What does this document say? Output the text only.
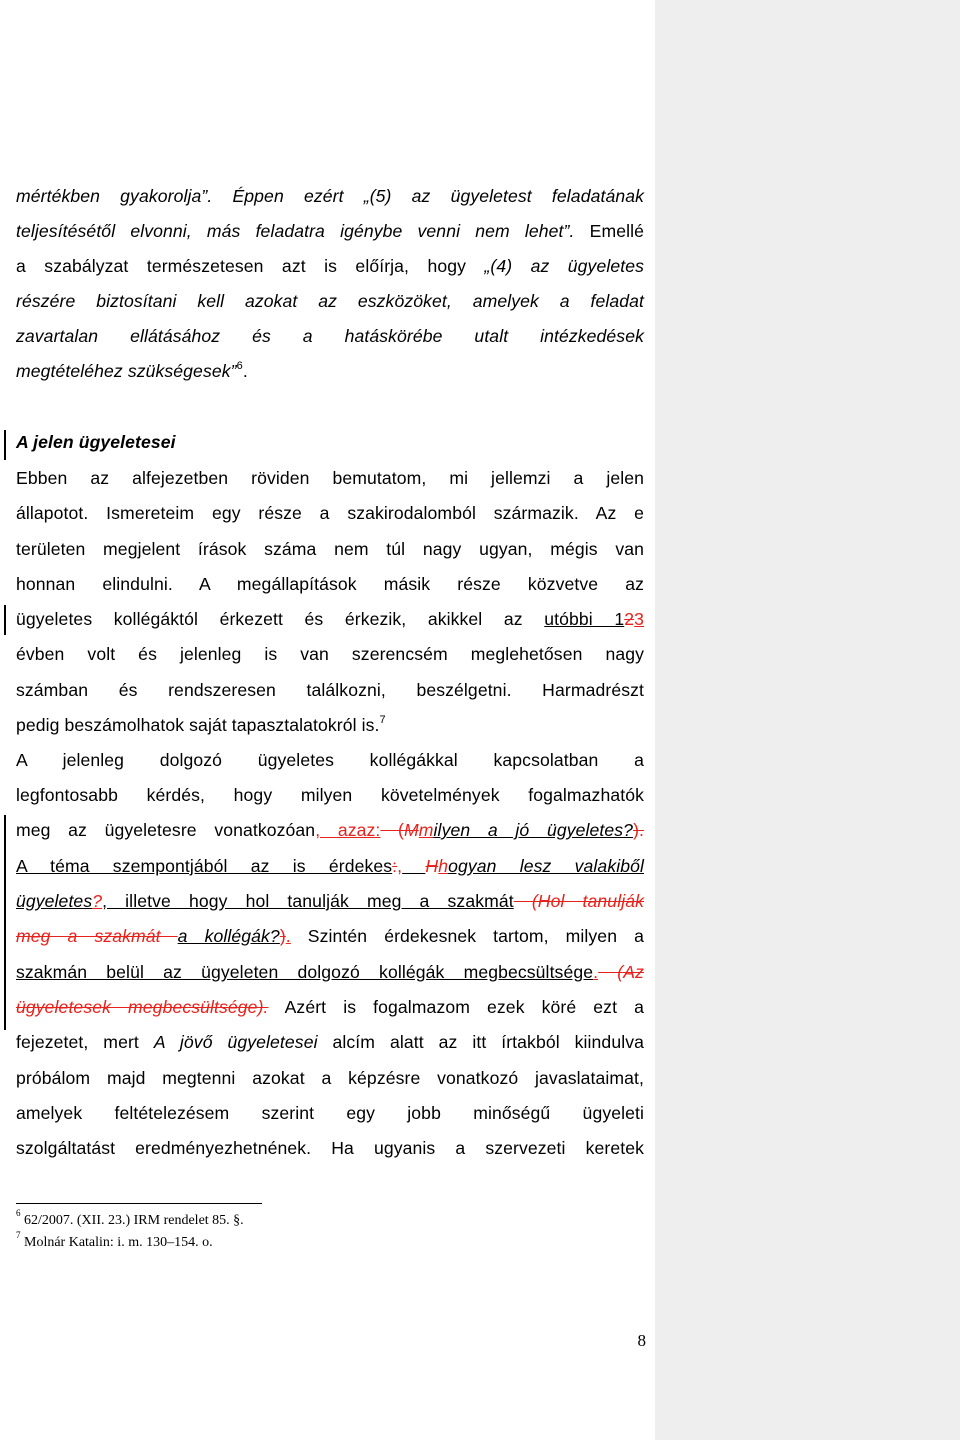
mértékben gyakorolja”. Éppen ezért „(5) az ügyeletest feladatának
teljesítésétől elvonni, más feladatra igénybe venni nem lehet”. Emellé
a szabályzat természetesen azt is előírja, hogy „(4) az ügyeletes
részére biztosítani kell azokat az eszközöket, amelyek a feladat
zavartalan ellátásához és a hatáskörébe utalt intézkedések
megtételéhez szükségesek”$^6$.
A jelen ügyeletesei
Ebben az alfejezetben röviden bemutatom, mi jellemzi a jelen
állapotot. Ismereteim egy része a szakirodalomból származik. Az e
területen megjelent írások száma nem túl nagy ugyan, mégis van
honnan elindulni. A megállapítások másik része közvetve az
ügyeletes kollégáktól érkezett és érkezik, akikkel az utóbbi 123
évben volt és jelenleg is van szerencsém meglehetősen nagy
számban és rendszeresen találkozni, beszélgetni. Harmadrészt
pedig beszámolhatok saját tapasztalatokról is.$^7$
A jelenleg dolgozó ügyeletes kollégákkal kapcsolatban a
legfontosabb kérdés, hogy milyen követelmények fogalmazhatók
meg az ügyeletesre vonatkozóan, azaz: (Mmilyen a jó ügyeletes?).
A téma szempontjából az is érdekes:, Hhogyan lesz valakiből
ügyeletes?, illetve hogy hol tanulják meg a szakmát (Hol tanulják
meg a szakmát a kollégák?). Szintén érdekesnek tartom, milyen a
szakmán belül az ügyeleten dolgozó kollégák megbecsültsége. (Az
ügyeletesek megbecsültsége). Azért is fogalmazom ezek köré ezt a
fejezetet, mert A jövő ügyeletesei alcím alatt az itt írtakból kiindulva
próbálom majd megtenni azokat a képzésre vonatkozó javaslataimat,
amelyek feltételezésem szerint egy jobb minőségű ügyeleti
szolgáltatást eredményezhetnének. Ha ugyanis a szervezeti keretek
$^6$ 62/2007. (XII. 23.) IRM rendelet 85. §.
$^7$ Molnár Katalin: i. m. 130–154. o.
8
